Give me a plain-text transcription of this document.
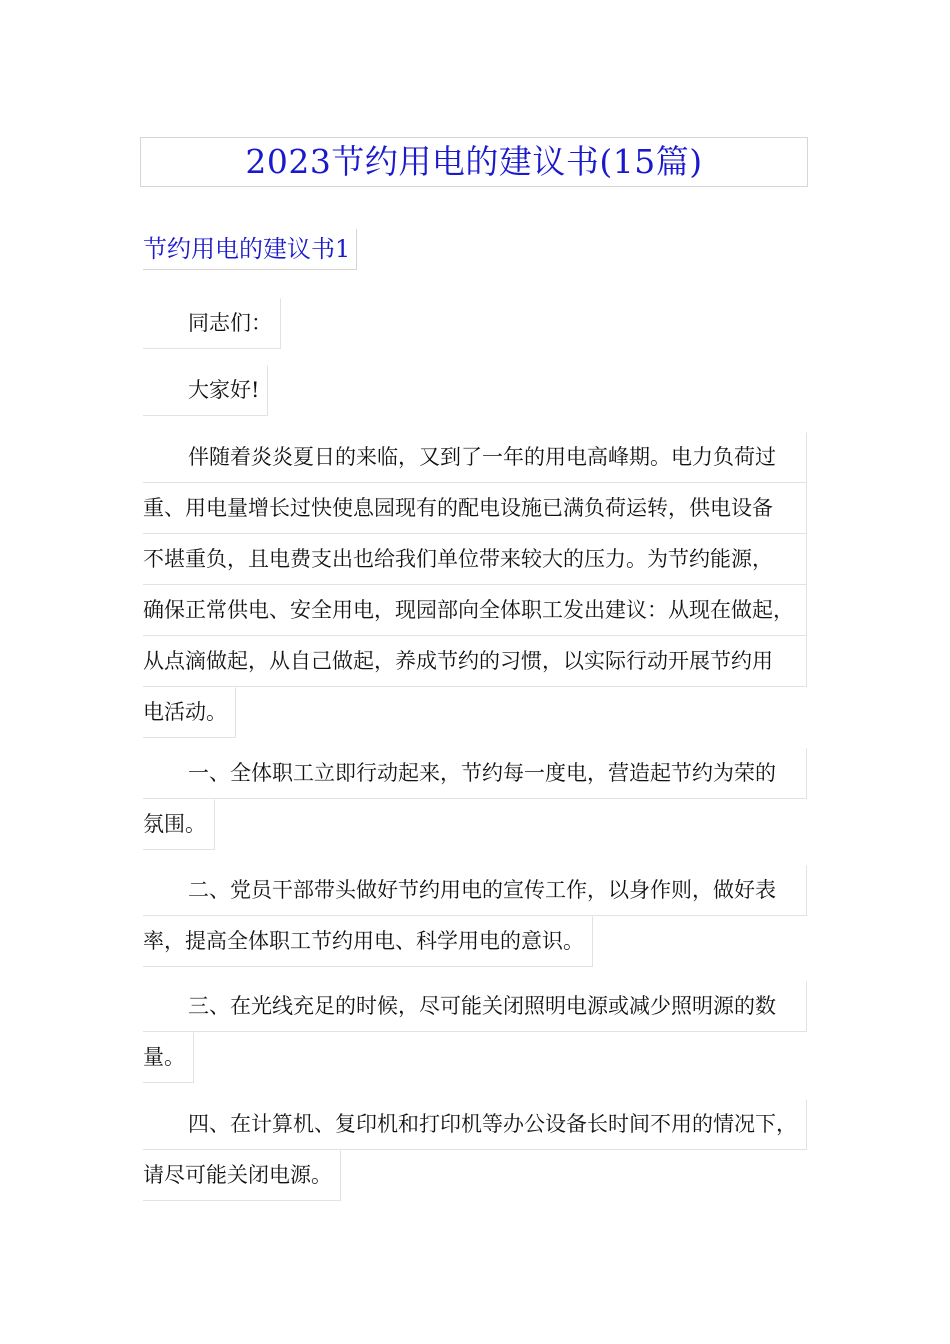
2023节约用电的建议书(15篇)
节约用电的建议书1

同志们：

大家好!

伴随着炎炎夏日的来临，又到了一年的用电高峰期。电力负荷过
重、用电量增长过快使息园现有的配电设施已满负荷运转，供电设备
不堪重负，且电费支出也给我们单位带来较大的压力。为节约能源，
确保正常供电、安全用电，现园部向全体职工发出建议：从现在做起，
从点滴做起，从自己做起，养成节约的习惯，以实际行动开展节约用
电活动。

一、全体职工立即行动起来，节约每一度电，营造起节约为荣的
氛围。

二、党员干部带头做好节约用电的宣传工作，以身作则，做好表
率，提高全体职工节约用电、科学用电的意识。

三、在光线充足的时候，尽可能关闭照明电源或减少照明源的数
量。

四、在计算机、复印机和打印机等办公设备长时间不用的情况下，
请尽可能关闭电源。
